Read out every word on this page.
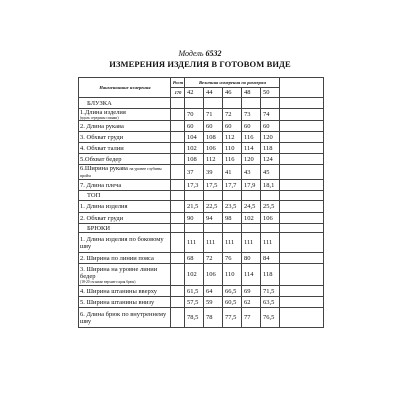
Модель 6532
ИЗМЕРЕНИЯ ИЗДЕЛИЯ В ГОТОВОМ ВИДЕ
Наименование измерения	Рост	Величина измерения по размерам					
	170	42	44	46	48	50	
БЛУЗКА							
1.Длина изделия
(вдоль середины спинки)		70	71	72	73	74	
2. Длина рукава		60	60	60	60	60	
3. Обхват груди		104	108	112	116	120	
4. Обхват талии		102	106	110	114	118	
5.Обхват бедер		108	112	116	120	124	
6.Ширина рукава на уровне глубины пройм		37	39	41	43	45	
7. Длина плеча		17,3	17,5	17,7	17,9	18,1	
ТОП							
1. Длина изделия		21,5	22,5	23,5	24,5	25,5	
2. Обхват груди		90	94	98	102	106	
БРЮКИ							
1. Длина изделия по боковому шву		111	111	111	111	111	
2. Ширина по линии пояса		68	72	76	80	84	
3. Ширина на уровне линии бедер
(18-20 см ниже верхнего края брюк)		102	106	110	114	118	
4. Ширина штанины вверху		61,5	64	66,5	69	71,5	
5. Ширина штанины внизу		57,5	59	60,5	62	63,5	
6. Длина брюк по внутреннему шву		78,5	78	77,5	77	76,5	
